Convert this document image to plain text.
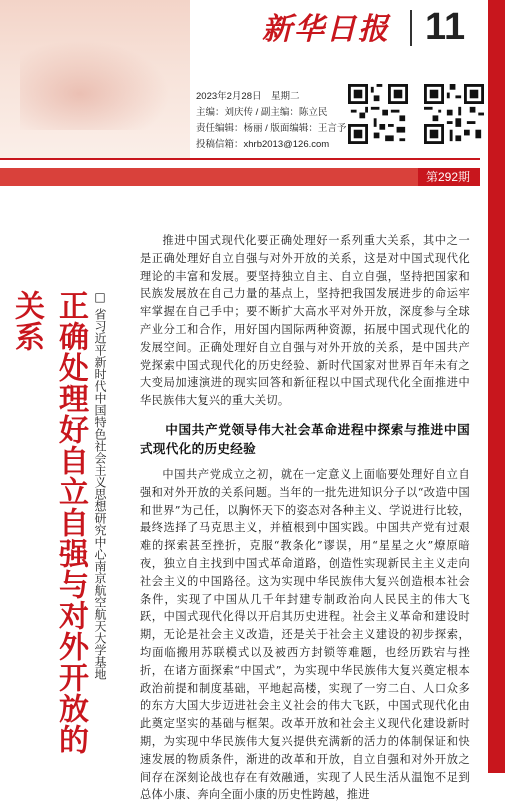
新华日报 11
2023年2月28日　星期二
主编：刘庆传 / 副主编：陈立民
责任编辑：杨丽 / 版面编辑：王言予
投稿信箱：xhrb2013@126.com
第292期
正确处理好自立自强与对外开放的关系	□ 省习近平新时代中国特色社会主义思想研究中心南京航空航天大学基地

推进中国式现代化要正确处理好一系列重大关系，其中之一是正确处理好自立自强与对外开放的关系，这是对中国式现代化理论的丰富和发展。要坚持独立自主、自立自强，坚持把国家和民族发展放在自己力量的基点上，坚持把我国发展进步的命运牢牢掌握在自己手中；要不断扩大高水平对外开放，深度参与全球产业分工和合作，用好国内国际两种资源，拓展中国式现代化的发展空间。正确处理好自立自强与对外开放的关系，是中国共产党探索中国式现代化的历史经验、新时代国家对世界百年未有之大变局加速演进的现实回答和新征程以中国式现代化全面推进中华民族伟大复兴的重大关切。

中国共产党领导伟大社会革命进程中探索与推进中国式现代化的历史经验

中国共产党成立之初，就在一定意义上面临要处理好自立自强和对外开放的关系问题。当年的一批先进知识分子以“改造中国和世界”为己任，以胸怀天下的姿态对各种主义、学说进行比较，最终选择了马克思主义，并植根到中国实践。中国共产党有过艰难的探索甚至挫折，克服“教条化”谬误，用“星星之火”燎原暗夜，独立自主找到中国式革命道路，创造性实现新民主主义走向社会主义的中国路径。这为实现中华民族伟大复兴创造根本社会条件，实现了中国从几千年封建专制政治向人民民主的伟大飞跃，中国式现代化得以开启其历史进程。社会主义革命和建设时期，无论是社会主义改造，还是关于社会主义建设的初步探索，均面临搬用苏联模式以及被西方封锁等难题，也经历跌宕与挫折，在诸方面探索“中国式”，为实现中华民族伟大复兴奠定根本政治前提和制度基础，平地起高楼，实现了一穷二白、人口众多的东方大国大步迈进社会主义社会的伟大飞跃，中国式现代化由此奠定坚实的基础与框架。改革开放和社会主义现代化建设新时期，为实现中华民族伟大复兴提供充满新的活力的体制保证和快速发展的物质条件，渐进的改革和开放，自立自强和对外开放之间存在深刻论战也存在有效融通，实现了人民生活从温饱不足到总体小康、奔向全面小康的历史性跨越，推进
